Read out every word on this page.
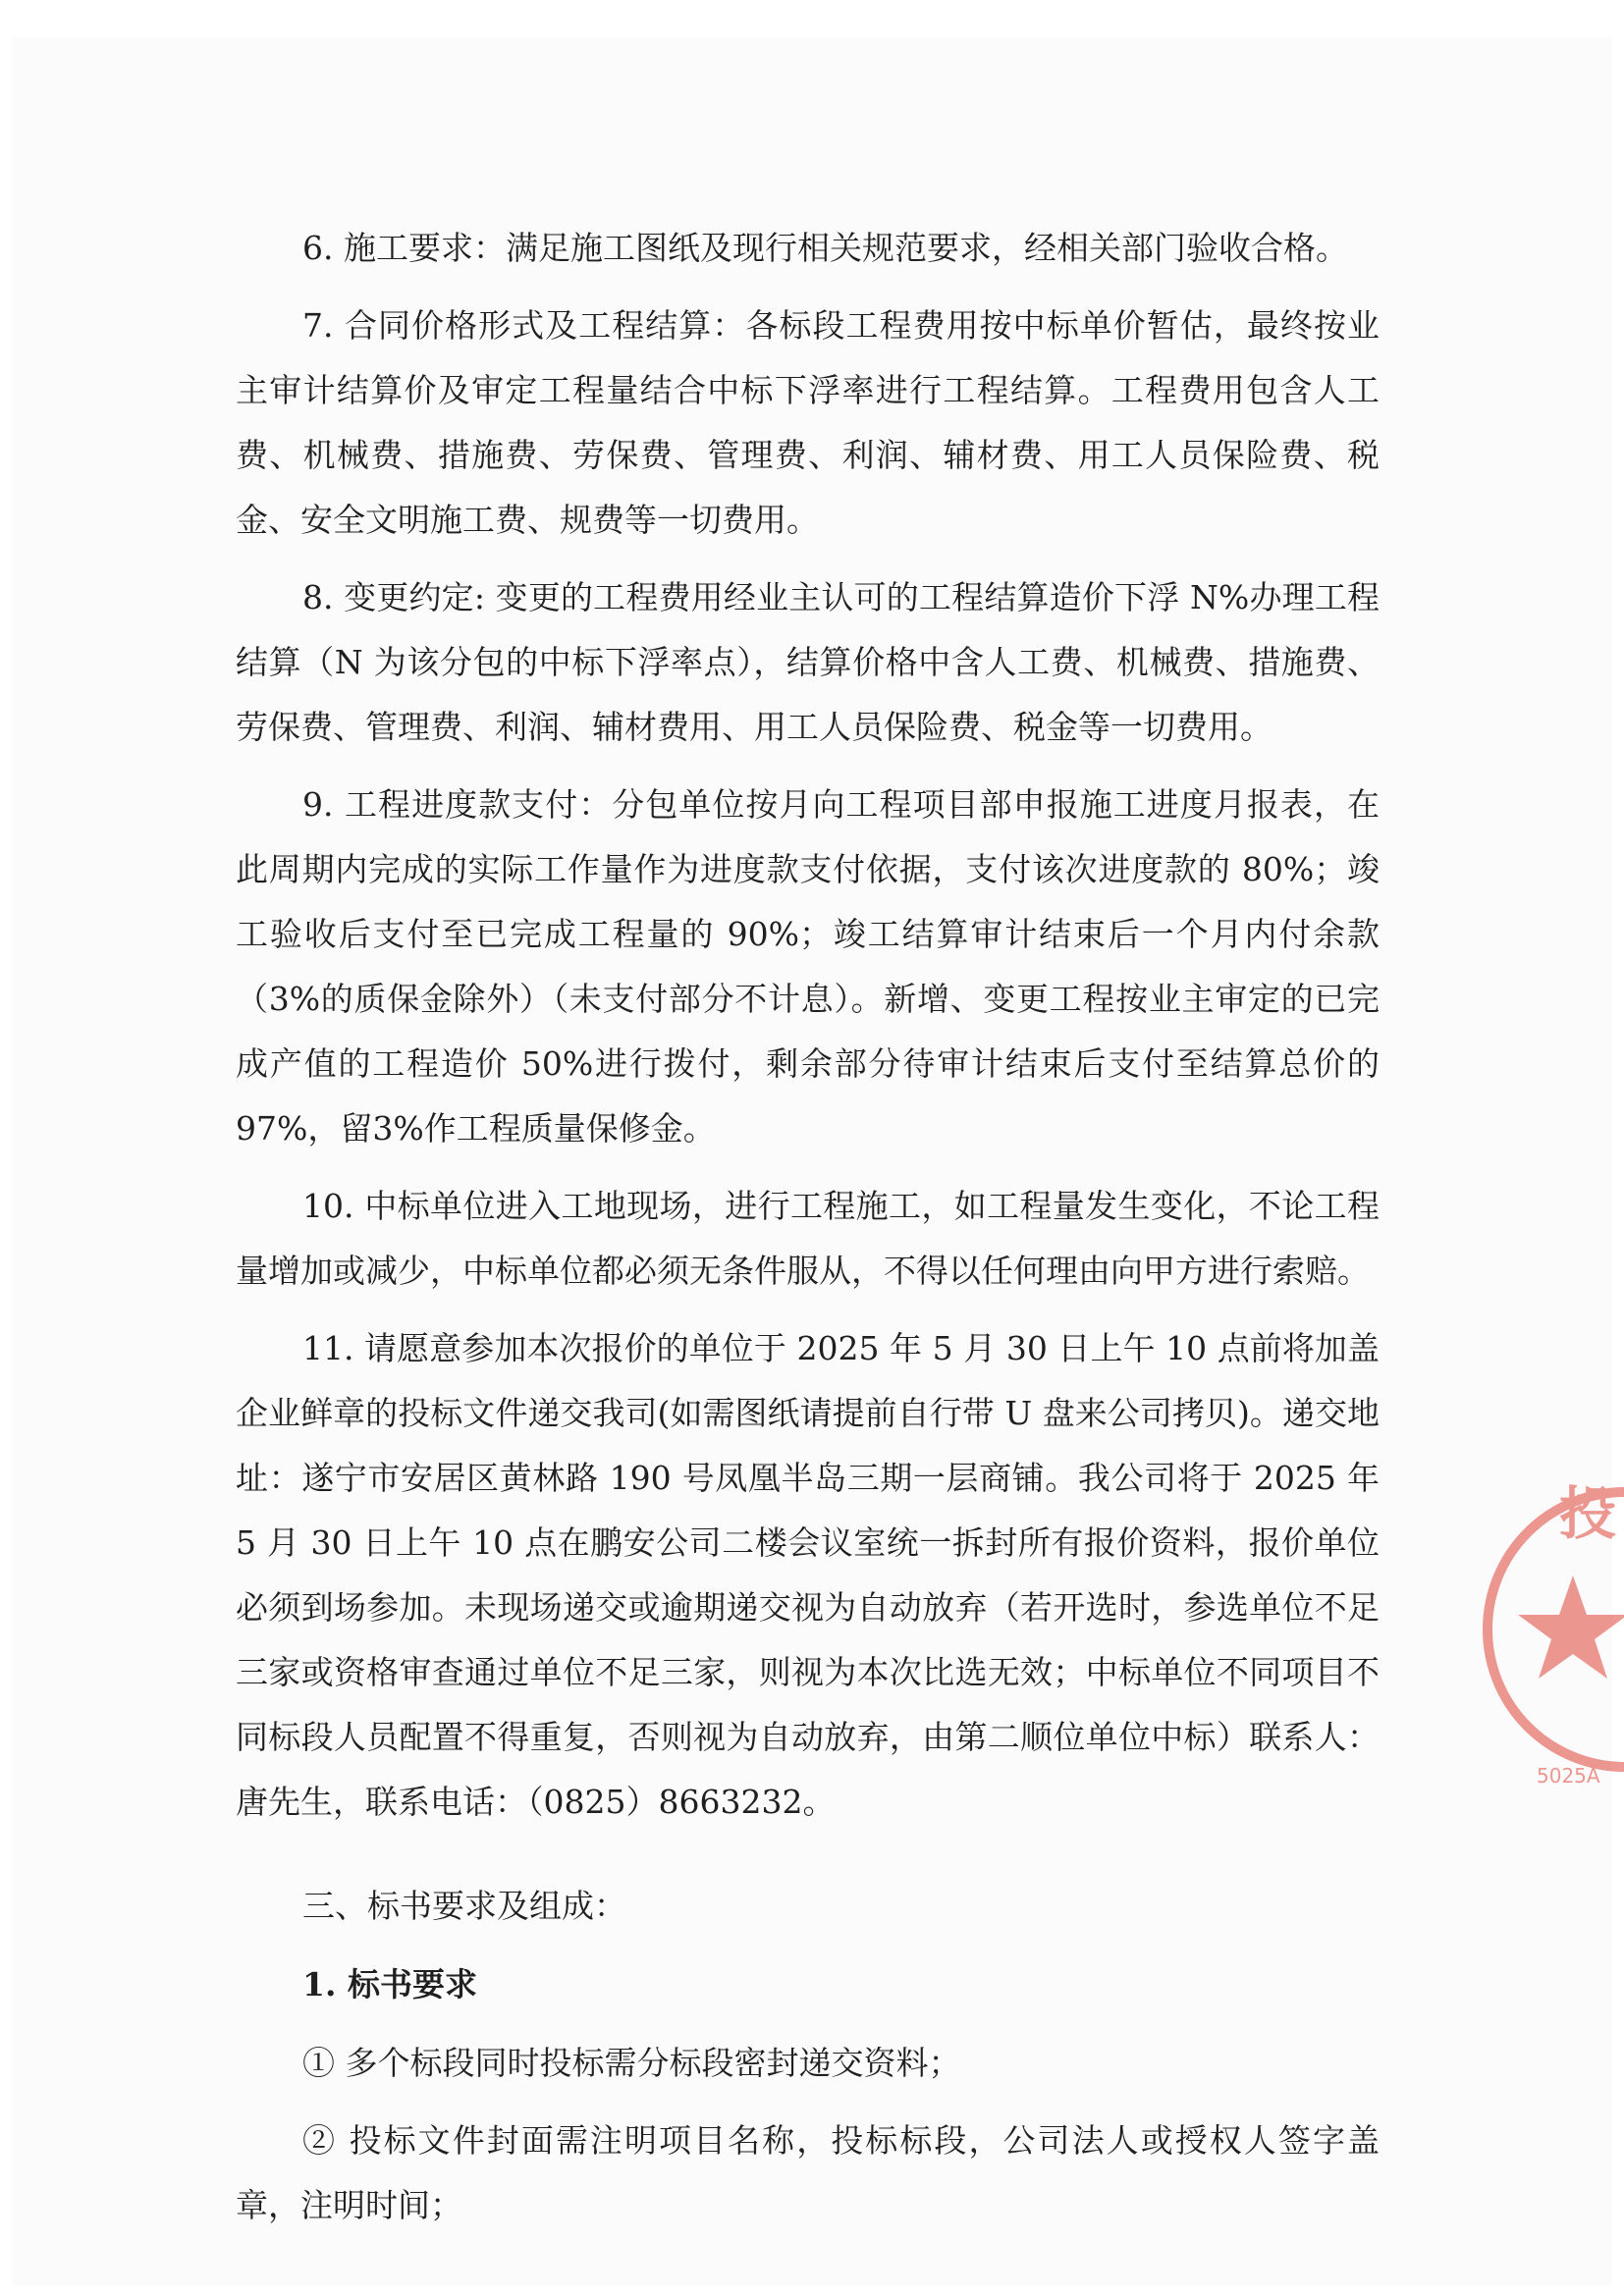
6. 施工要求：满足施工图纸及现行相关规范要求，经相关部门验收合格。

7. 合同价格形式及工程结算：各标段工程费用按中标单价暂估，最终按业主审计结算价及审定工程量结合中标下浮率进行工程结算。工程费用包含人工费、机械费、措施费、劳保费、管理费、利润、辅材费、用工人员保险费、税金、安全文明施工费、规费等一切费用。

8. 变更约定: 变更的工程费用经业主认可的工程结算造价下浮 N%办理工程结算（N 为该分包的中标下浮率点），结算价格中含人工费、机械费、措施费、劳保费、管理费、利润、辅材费用、用工人员保险费、税金等一切费用。

9. 工程进度款支付：分包单位按月向工程项目部申报施工进度月报表，在此周期内完成的实际工作量作为进度款支付依据，支付该次进度款的 80%；竣工验收后支付至已完成工程量的 90%；竣工结算审计结束后一个月内付余款（3%的质保金除外）（未支付部分不计息）。新增、变更工程按业主审定的已完成产值的工程造价 50%进行拨付，剩余部分待审计结束后支付至结算总价的 97%，留3%作工程质量保修金。

10. 中标单位进入工地现场，进行工程施工，如工程量发生变化，不论工程量增加或减少，中标单位都必须无条件服从，不得以任何理由向甲方进行索赔。

11. 请愿意参加本次报价的单位于 2025 年 5 月 30 日上午 10 点前将加盖企业鲜章的投标文件递交我司(如需图纸请提前自行带 U 盘来公司拷贝)。递交地址：遂宁市安居区黄林路 190 号凤凰半岛三期一层商铺。我公司将于 2025 年 5 月 30 日上午 10 点在鹏安公司二楼会议室统一拆封所有报价资料，报价单位必须到场参加。未现场递交或逾期递交视为自动放弃（若开选时，参选单位不足三家或资格审查通过单位不足三家，则视为本次比选无效；中标单位不同项目不同标段人员配置不得重复，否则视为自动放弃，由第二顺位单位中标）联系人：唐先生，联系电话：（0825）8663232。

三、标书要求及组成：

1. 标书要求

① 多个标段同时投标需分标段密封递交资料；

② 投标文件封面需注明项目名称，投标标段，公司法人或授权人签字盖章，注明时间；

投
5025A
